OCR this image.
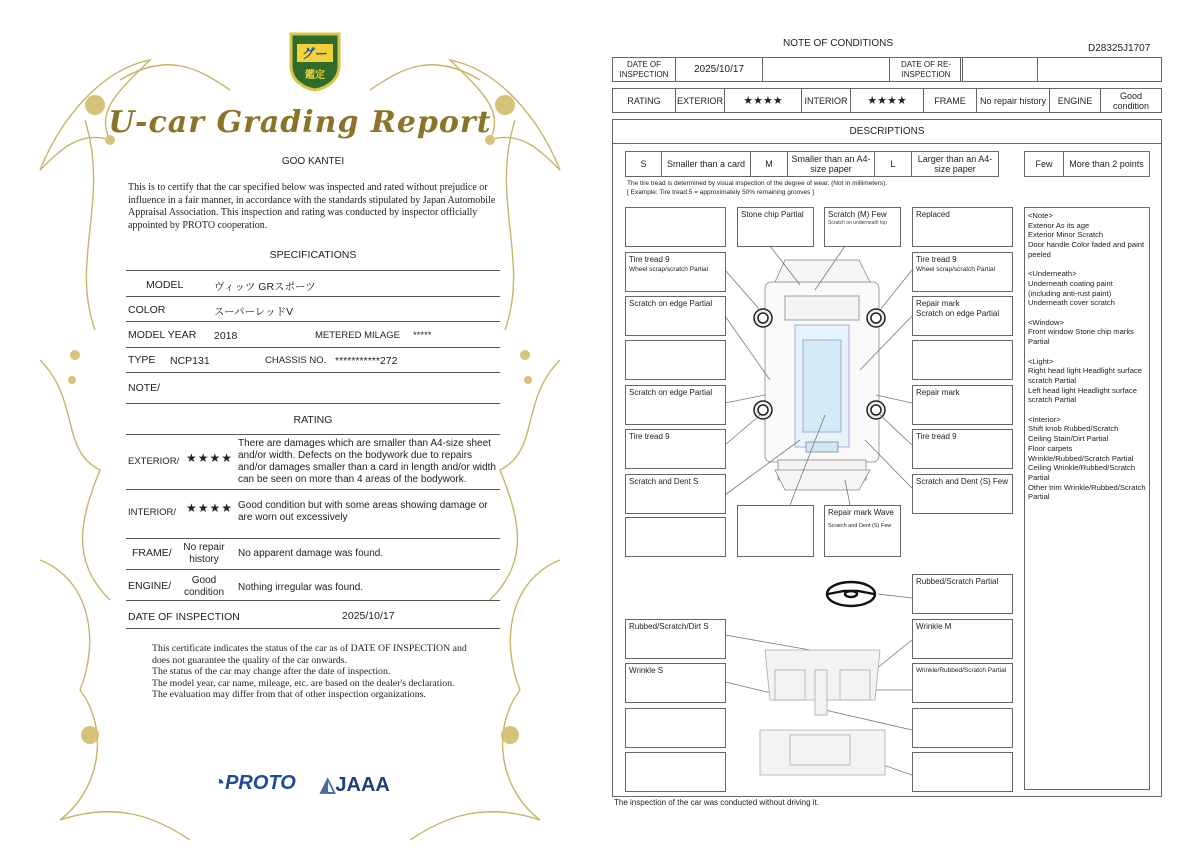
グー
鑑定
U-car Grading Report
GOO KANTEI
This is to certify that the car specified below was inspected and rated without prejudice or influence in a fair manner, in accordance with the standards stipulated by Japan Automobile Appraisal Association. This inspection and rating was conducted by inspector officially appointed by PROTO cooperation.
SPECIFICATIONS
MODEL	ヴィッツ GRスポーツ
COLOR	スーパーレッドV
MODEL YEAR 2018	METERED MILAGE *****
TYPE NCP131	CHASSIS NO. ***********272
NOTE/
RATING
EXTERIOR/ ★★★★
There are damages which are smaller than A4-size sheet and/or width. Defects on the bodywork due to repairs and/or damages smaller than a card in length and/or width can be seen on more than 4 areas of the bodywork.
INTERIOR/ ★★★★ Good condition but with some areas showing damage or are worn out excessively
FRAME/	No repair history
No apparent damage was found.
ENGINE/	Good condition	Nothing irregular was found.
DATE OF INSPECTION	2025/10/17
This certificate indicates the status of the car as of DATE OF INSPECTION and does not guarantee the quality of the car onwards.
The status of the car may change after the date of inspection.
The model year, car name, mileage, etc. are based on the dealer's declaration.
The evaluation may differ from that of other inspection organizations.
◔PROTO ◭JAAA
NOTE OF CONDITIONS	D28325J1707
DATE OF INSPECTION	2025/10/17	DATE OF RE-INSPECTION
RATING	EXTERIOR	★★★★	INTERIOR	★★★★	FRAME	No repair history	ENGINE	Good condition
DESCRIPTIONS
S	Smaller than a card	M	Smaller than an A4-size paper	L	Larger than an A4-size paper	Few	More than 2 points
The tire tread is determined by visual inspection of the degree of wear. (Not in millimeters).
[ Example: Tire tread 5 = approximately 50% remaining grooves ]
Stone chip Partial	Scratch (M) Few
Scratch on underneath top
Replaced
Tire tread 9
Wheel scrap/scratch Partial
Tire tread 9
Wheel scrap/scratch Partial
Scratch on edge Partial	Repair mark
Scratch on edge Partial
Scratch on edge Partial	Repair mark
Tire tread 9	Tire tread 9
Scratch and Dent S	Scratch and Dent (S) Few
Repair mark Wave
Scratch and Dent (S) Few
Rubbed/Scratch Partial
Rubbed/Scratch/Dirt S	Wrinkle M
Wrinkle S	Wrinkle/Rubbed/Scratch Partial
<Note>
Exterior As its age
Exterior Minor Scratch
Door handle Color faded and paint peeled
<Underneath>
Underneath coating paint (including anti-rust paint)
Underneath cover scratch
<Window>
Front window Stone chip marks Partial
<Light>
Right head light Headlight surface scratch Partial
Left head light Headlight surface scratch Partial
<Interior>
Shift knob Rubbed/Scratch
Ceiling Stain/Dirt Partial
Floor carpets Wrinkle/Rubbed/Scratch Partial
Ceiling Wrinkle/Rubbed/Scratch Partial
Other trim Wrinkle/Rubbed/Scratch Partial
The inspection of the car was conducted without driving it.
